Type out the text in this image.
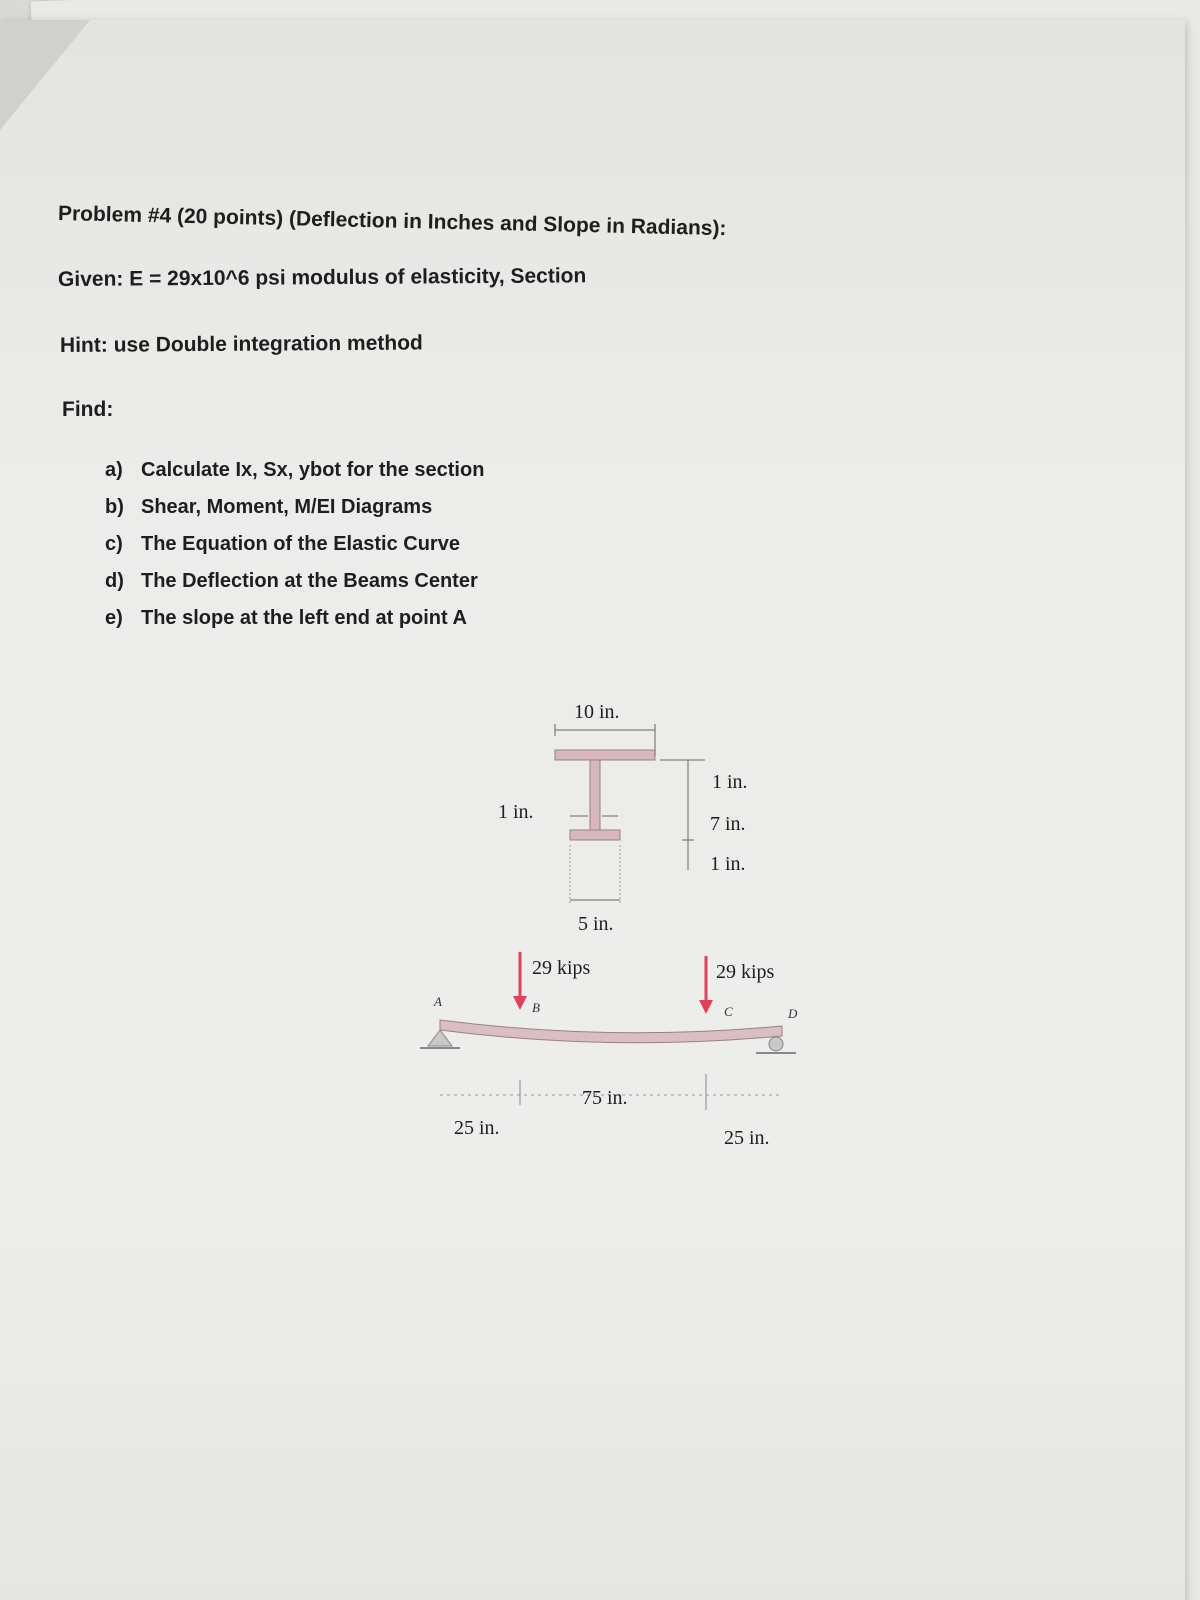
Problem #4 (20 points) (Deflection in Inches and Slope in Radians):
Given: E = 29x10^6 psi modulus of elasticity, Section
Hint: use Double integration method
Find:
a) Calculate Ix, Sx, ybot for the section
b) Shear, Moment, M/EI Diagrams
c) The Equation of the Elastic Curve
d) The Deflection at the Beams Center
e) The slope at the left end at point A
10 in.
1 in.
7 in.
1 in.
1 in.
5 in.
29 kips	29 kips
A	B	C	D
25 in.
75 in.
25 in.
